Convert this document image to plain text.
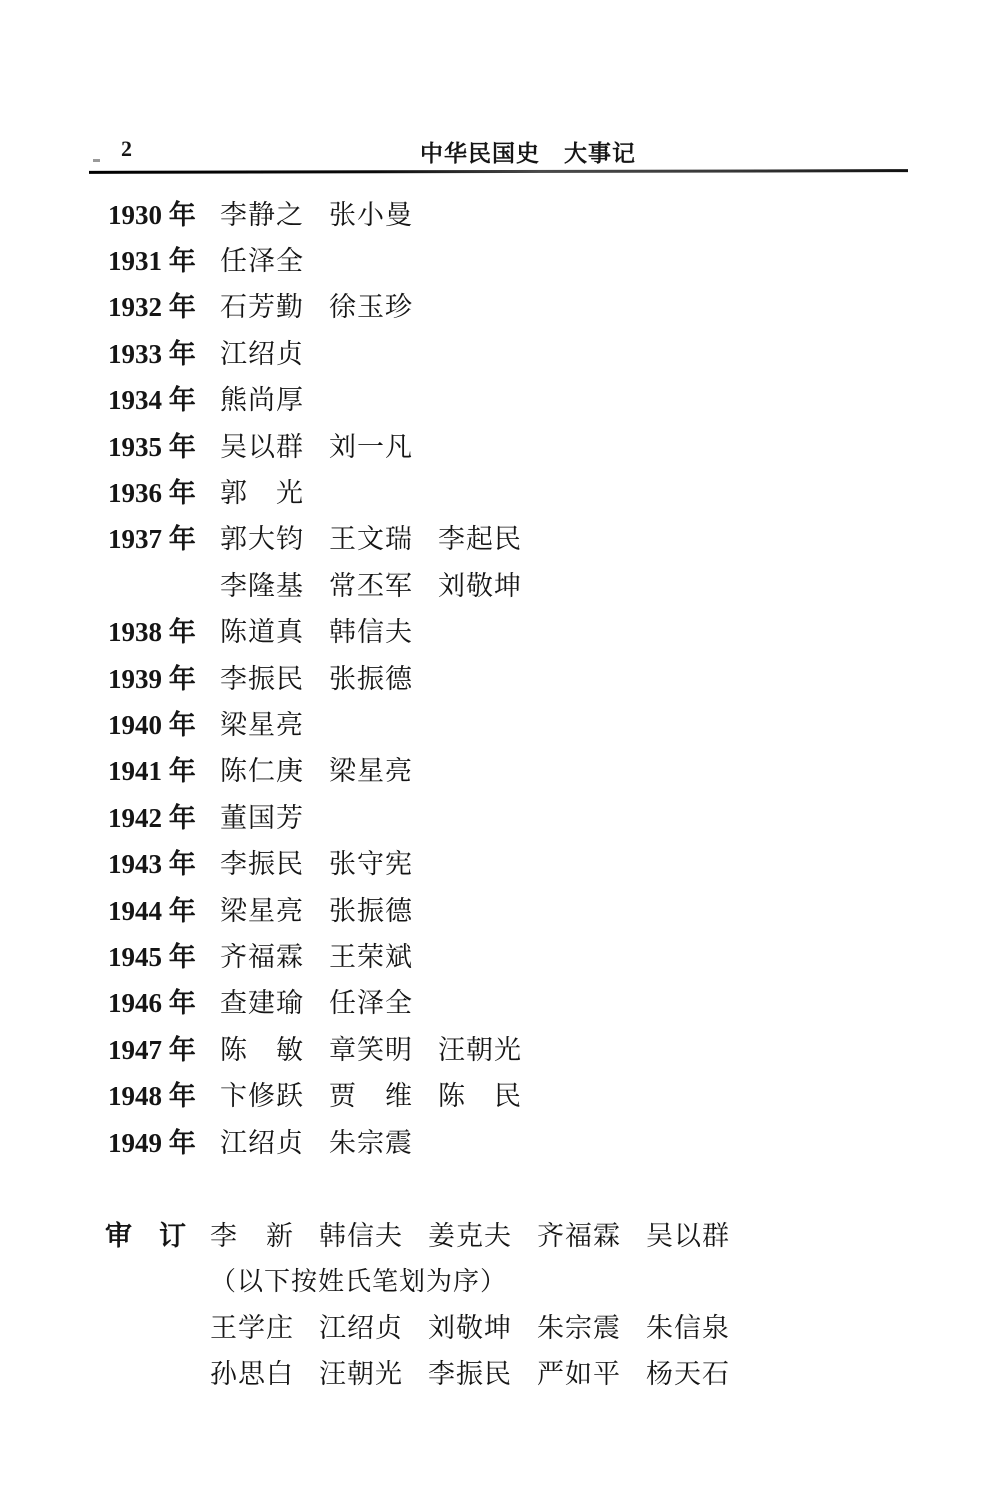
2	中华民国史　大事记
1930 年 李静之 张小曼
1931 年 任泽全
1932 年 石芳勤 徐玉珍
1933 年 江绍贞
1934 年 熊尚厚
1935 年 吴以群 刘一凡
1936 年 郭　光
1937 年 郭大钧 王文瑞 李起民
李隆基 常丕军 刘敬坤
1938 年 陈道真 韩信夫
1939 年 李振民 张振德
1940 年 梁星亮
1941 年 陈仁庚 梁星亮
1942 年 董国芳
1943 年 李振民 张守宪
1944 年 梁星亮 张振德
1945 年 齐福霖 王荣斌
1946 年 查建瑜 任泽全
1947 年 陈　敏 章笑明 汪朝光
1948 年 卞修跃 贾　维 陈　民
1949 年 江绍贞 朱宗震
审　订 李　新 韩信夫 姜克夫 齐福霖 吴以群
（以下按姓氏笔划为序）
王学庄 江绍贞 刘敬坤 朱宗震 朱信泉
孙思白 汪朝光 李振民 严如平 杨天石
